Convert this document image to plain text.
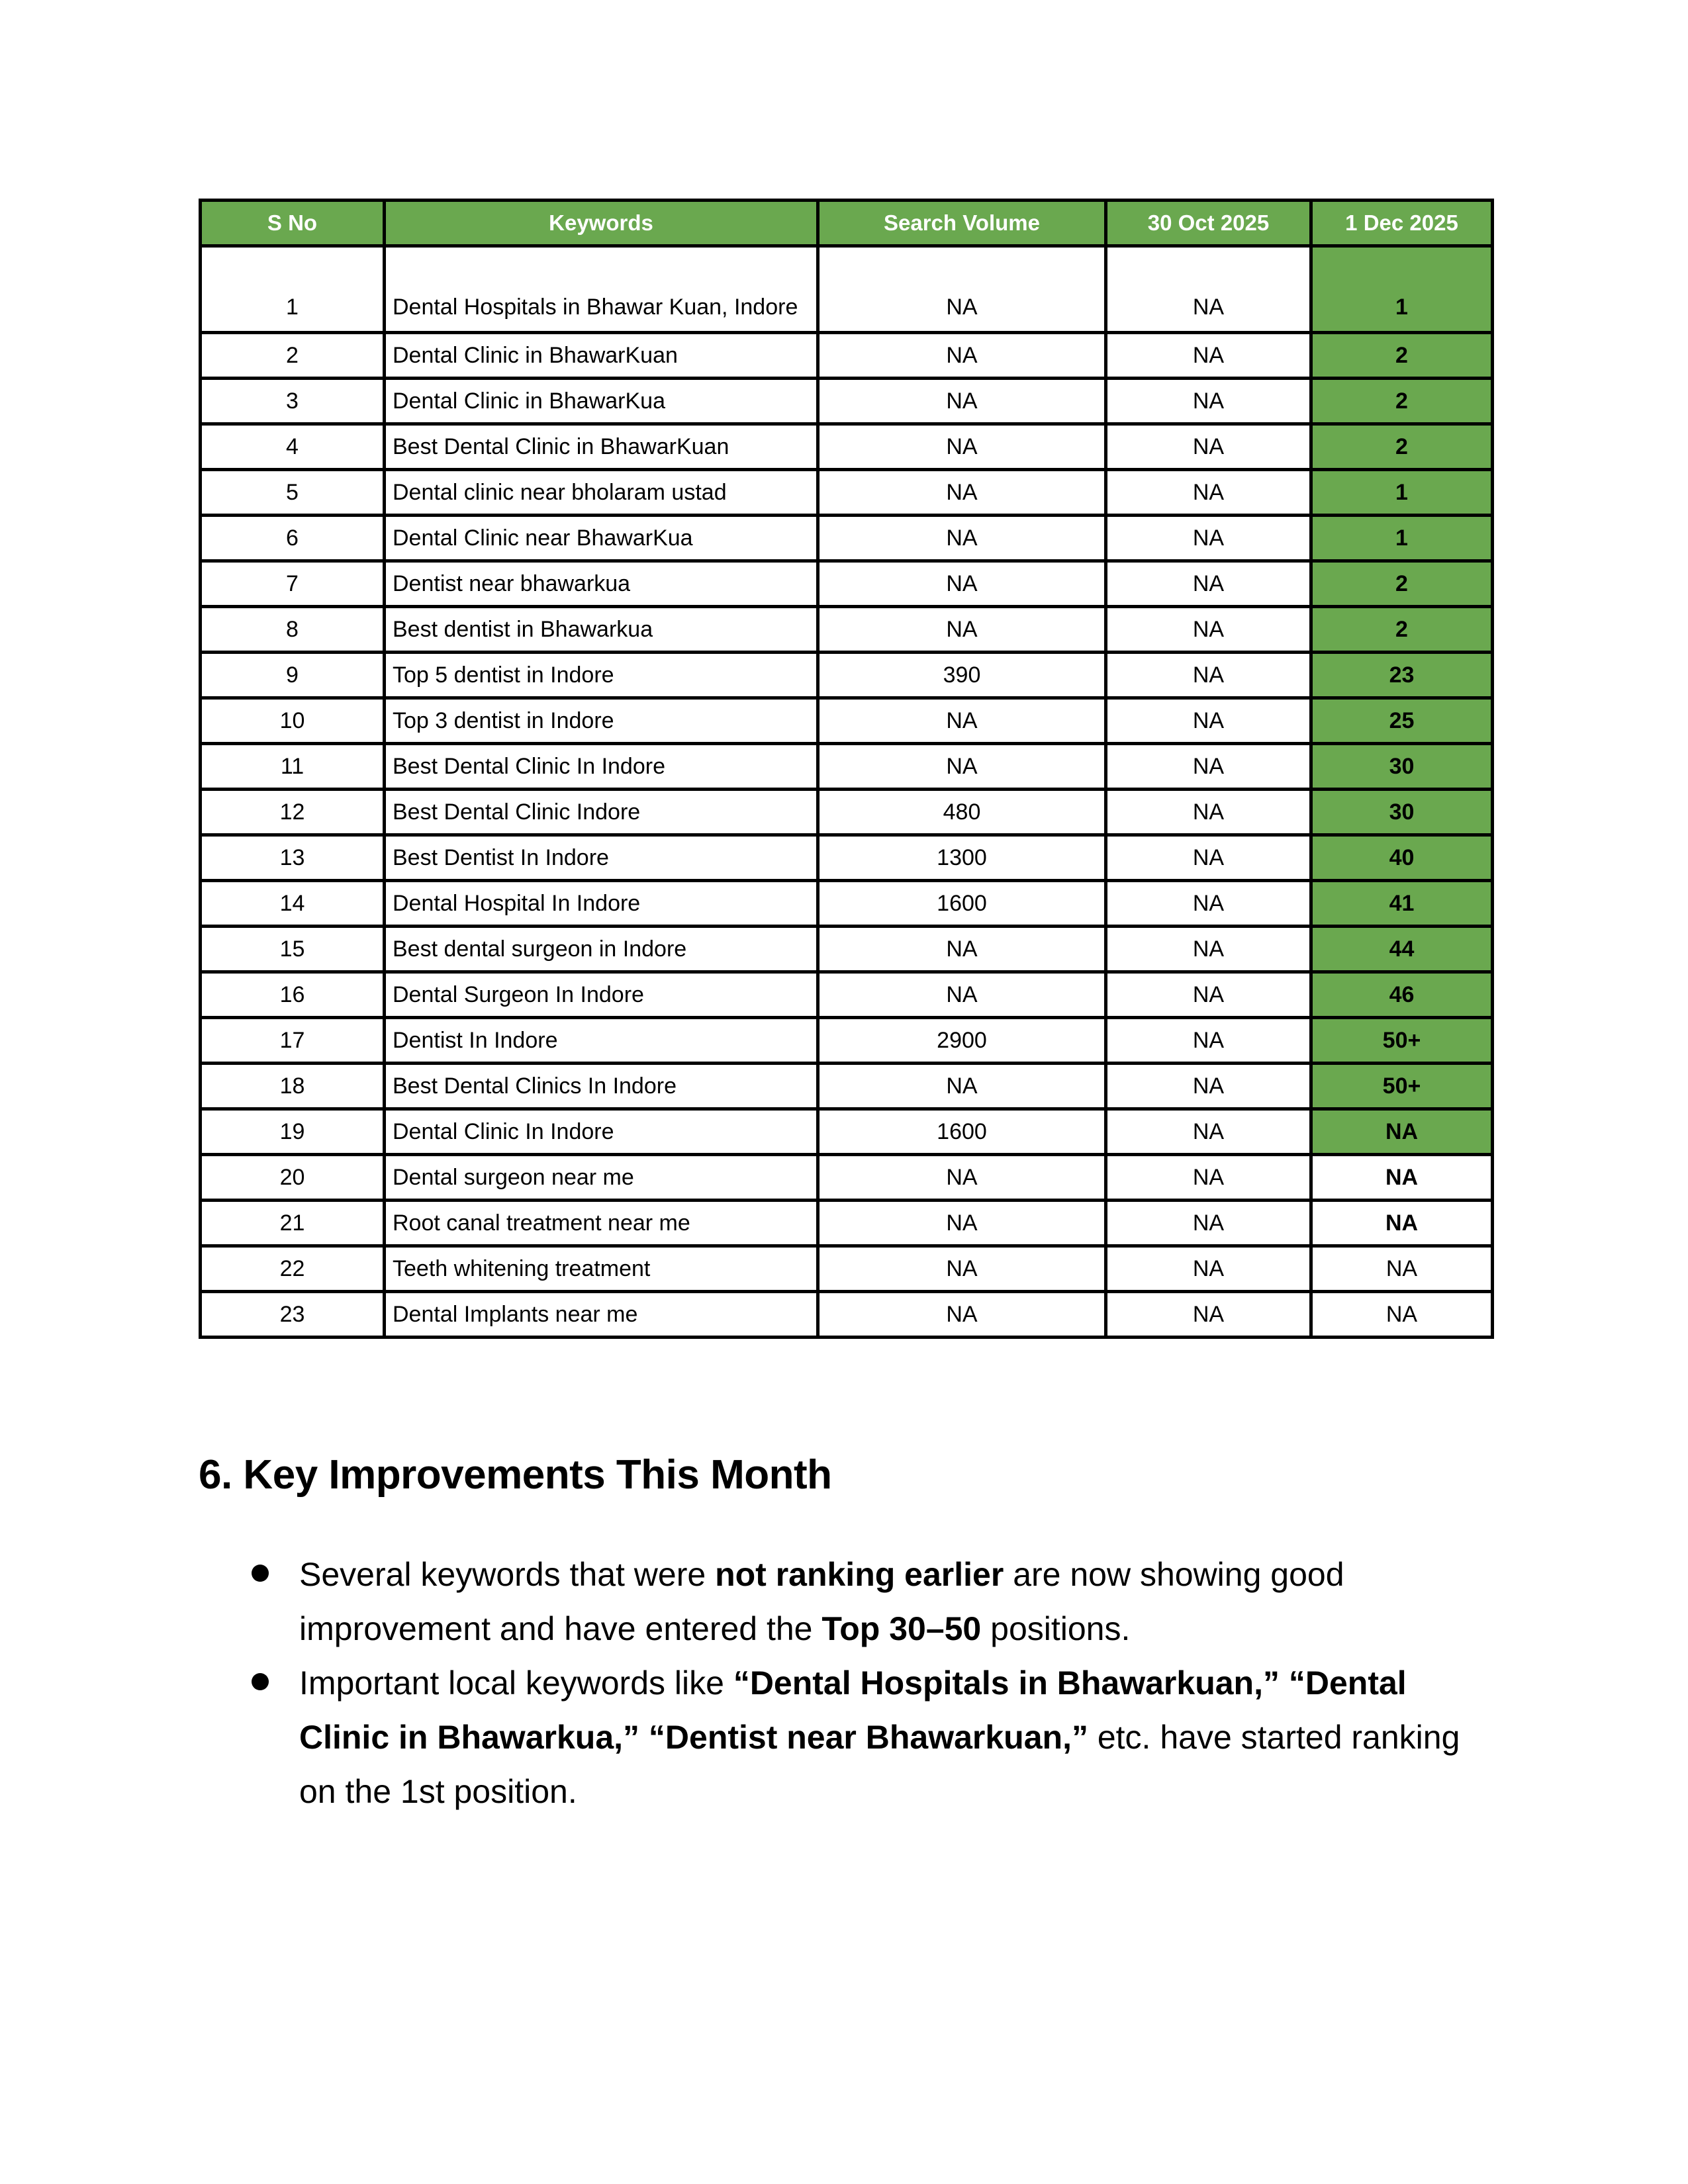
S No	Keywords	Search Volume	30 Oct 2025	1 Dec 2025
1	Dental Hospitals in Bhawar Kuan, Indore	NA	NA	1
2	Dental Clinic in BhawarKuan	NA	NA	2
3	Dental Clinic in BhawarKua	NA	NA	2
4	Best Dental Clinic in BhawarKuan	NA	NA	2
5	Dental clinic near bholaram ustad	NA	NA	1
6	Dental Clinic near BhawarKua	NA	NA	1
7	Dentist near bhawarkua	NA	NA	2
8	Best dentist in Bhawarkua	NA	NA	2
9	Top 5 dentist in Indore	390	NA	23
10	Top 3 dentist in Indore	NA	NA	25
11	Best Dental Clinic In Indore	NA	NA	30
12	Best Dental Clinic Indore	480	NA	30
13	Best Dentist In Indore	1300	NA	40
14	Dental Hospital In Indore	1600	NA	41
15	Best dental surgeon in Indore	NA	NA	44
16	Dental Surgeon In Indore	NA	NA	46
17	Dentist In Indore	2900	NA	50+
18	Best Dental Clinics In Indore	NA	NA	50+
19	Dental Clinic In Indore	1600	NA	NA
20	Dental surgeon near me	NA	NA	NA
21	Root canal treatment near me	NA	NA	NA
22	Teeth whitening treatment	NA	NA	NA
23	Dental Implants near me	NA	NA	NA
6. Key Improvements This Month
Several keywords that were not ranking earlier are now showing good improvement and have entered the Top 30–50 positions.
Important local keywords like “Dental Hospitals in Bhawarkuan,” “Dental Clinic in Bhawarkua,” “Dentist near Bhawarkuan,” etc. have started ranking on the 1st position.
